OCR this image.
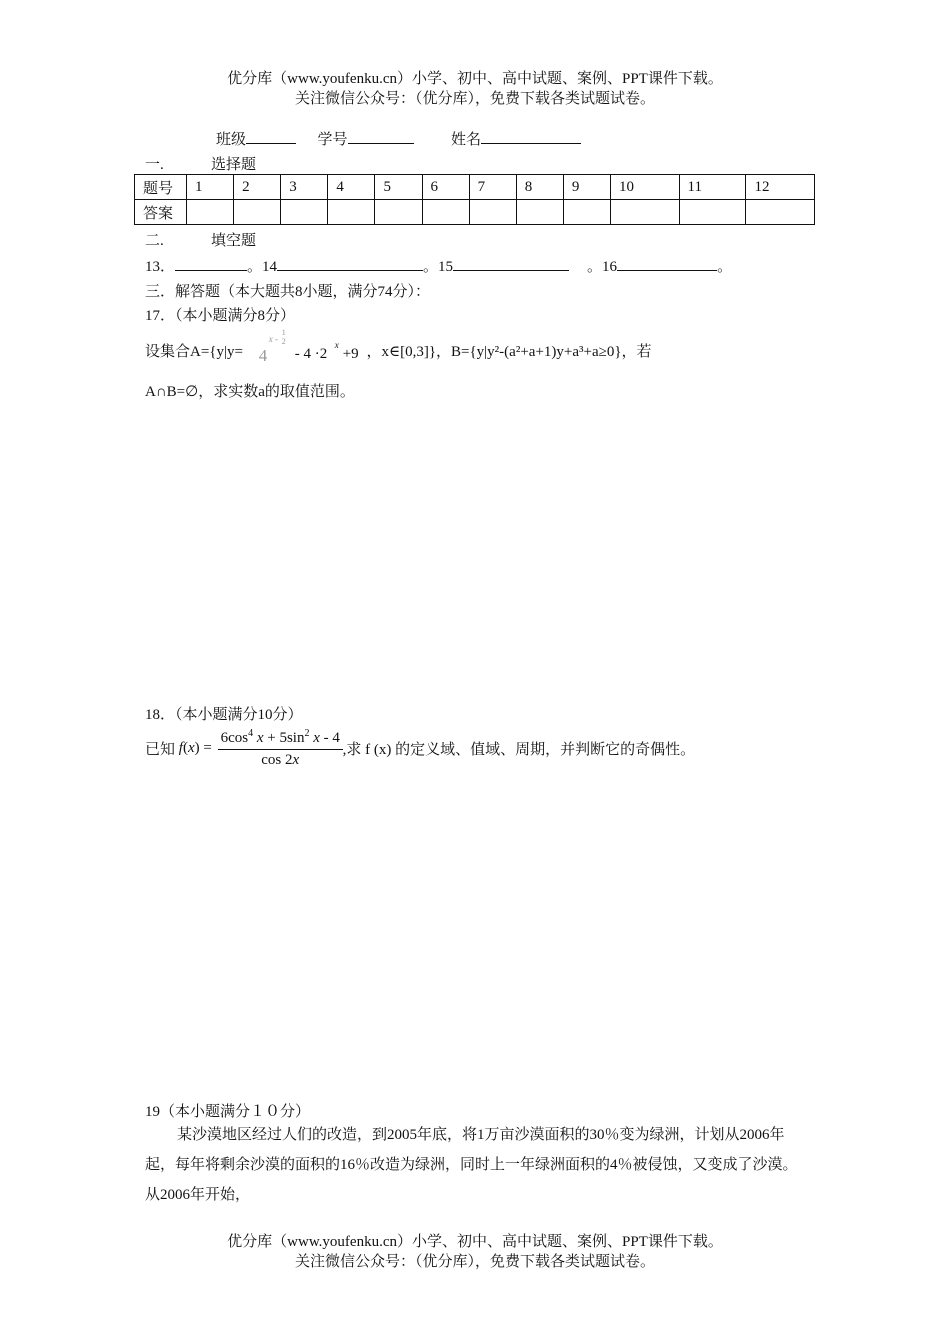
优分库（www.youfenku.cn）小学、初中、高中试题、案例、PPT课件下载。
关注微信公众号：（优分库），免费下载各类试题试卷。
班级	学号	姓名
一.	选择题
题号	1	2	3	4	5	6	7	8	9	10	11	12
答案												
二.	填空题
13．	。14	。15	。16	。
三．解答题（本大题共8小题，满分74分）：
17．（本小题满分8分）
设集合A={y|y= 4
x -
1
2
- 4 ·2
x
+9 ，x∈[0,3]}，B={y|y²-(a²+a+1)y+a³+a≥0}，若
A∩B=∅，求实数a的取值范围。
18．（本小题满分10分）
已知 $f(x) = \frac{6\cos^4 x + 5\sin^2 x - 4}{\cos 2x}$ ,求 f (x) 的定义域、值域、周期，并判断它的奇偶性。
19（本小题满分１０分）

某沙漠地区经过人们的改造，到2005年底，将1万亩沙漠面积的30％变为绿洲，计划从2006年起，每年将剩余沙漠的面积的16％改造为绿洲，同时上一年绿洲面积的4％被侵蚀，又变成了沙漠。从2006年开始，

优分库（www.youfenku.cn）小学、初中、高中试题、案例、PPT课件下载。
关注微信公众号：（优分库），免费下载各类试题试卷。
